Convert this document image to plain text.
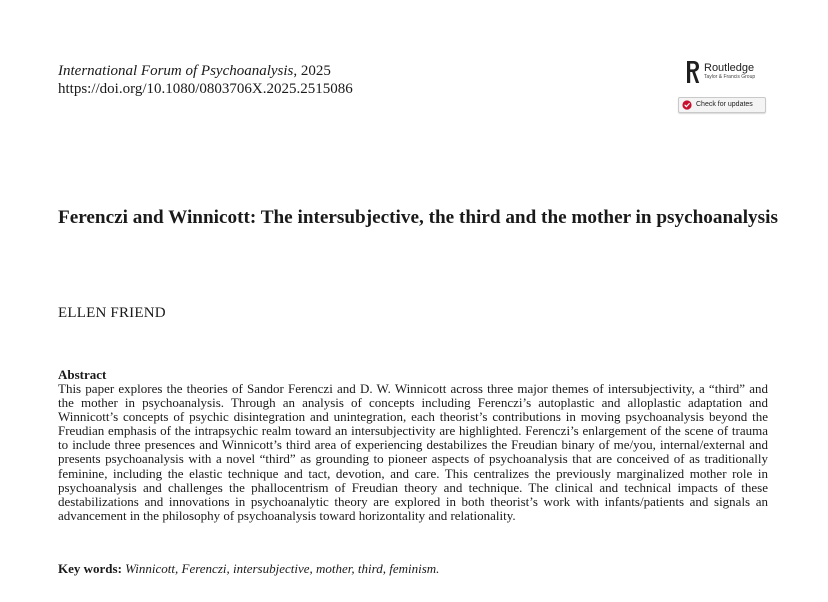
International Forum of Psychoanalysis, 2025
https://doi.org/10.1080/0803706X.2025.2515086
Routledge
Taylor & Francis Group
Check for updates
Ferenczi and Winnicott: The intersubjective, the third and the mother in psychoanalysis
ELLEN FRIEND
Abstract

This paper explores the theories of Sandor Ferenczi and D. W. Winnicott across three major themes of intersubjectivity, a “third” and the mother in psychoanalysis. Through an analysis of concepts including Ferenczi’s autoplastic and alloplastic adaptation and Winnicott’s concepts of psychic disintegration and unintegration, each theorist’s contributions in moving psychoanalysis beyond the Freudian emphasis of the intrapsychic realm toward an intersubjectivity are highlighted. Ferenczi’s enlargement of the scene of trauma to include three presences and Winnicott’s third area of experiencing destabilizes the Freudian binary of me/you, internal/external and presents psychoanalysis with a novel “third” as grounding to pioneer aspects of psychoanalysis that are conceived of as traditionally feminine, including the elastic technique and tact, devotion, and care. This centralizes the previously marginalized mother role in psychoanalysis and challenges the phallocentrism of Freudian theory and technique. The clinical and technical impacts of these destabilizations and innovations in psychoanalytic theory are explored in both theorist’s work with infants/patients and signals an advancement in the philosophy of psychoanalysis toward horizontality and relationality.

Key words: Winnicott, Ferenczi, intersubjective, mother, third, feminism.
